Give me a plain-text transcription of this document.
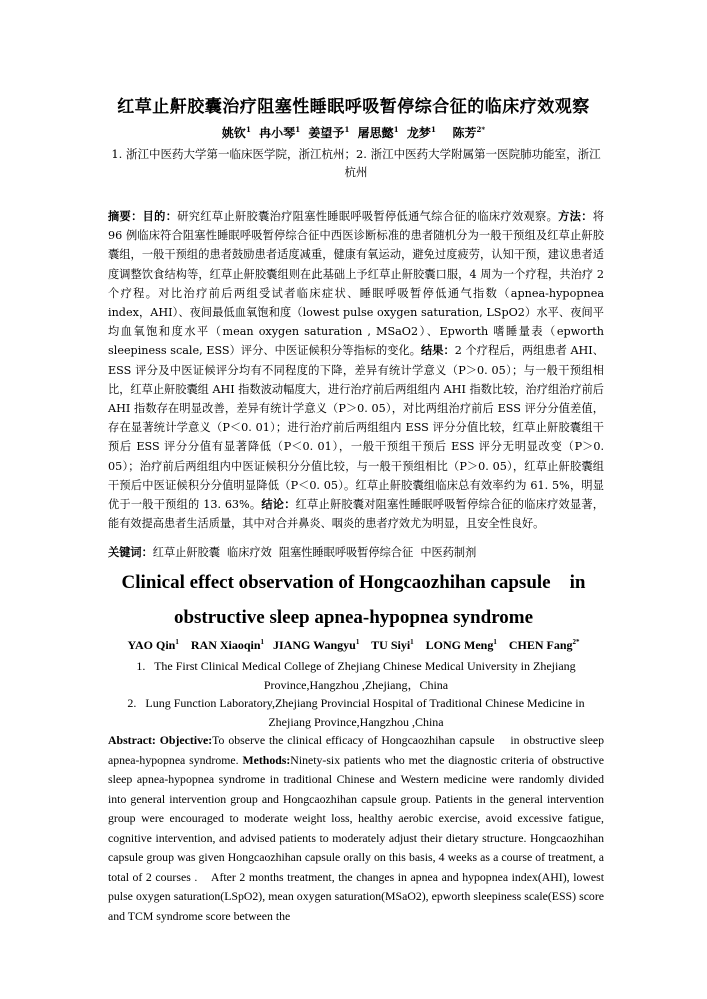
红草止鼾胶囊治疗阻塞性睡眠呼吸暂停综合征的临床疗效观察
姚钦$^1$ 冉小琴$^1$ 姜望予$^1$ 屠思懿$^1$ 龙梦$^1$ 陈芳$^{2*}$
1. 浙江中医药大学第一临床医学院，浙江杭州；2. 浙江中医药大学附属第一医院肺功能室，浙江杭州
摘要：目的：研究红草止鼾胶囊治疗阻塞性睡眠呼吸暂停低通气综合征的临床疗效观察。方法：将 96 例临床符合阻塞性睡眠呼吸暂停综合征中西医诊断标准的患者随机分为一般干预组及红草止鼾胶囊组，一般干预组的患者鼓励患者适度减重，健康有氧运动，避免过度疲劳，认知干预，建议患者适度调整饮食结构等，红草止鼾胶囊组则在此基础上予红草止鼾胶囊口服，4 周为一个疗程，共治疗 2 个疗程。对比治疗前后两组受试者临床症状、睡眠呼吸暂停低通气指数（apnea-hypopnea index，AHI）、夜间最低血氧饱和度（lowest pulse oxygen saturation, LSpO2）水平、夜间平均血氧饱和度水平（mean oxygen saturation , MSaO2）、Epworth 嗜睡量表（epworth sleepiness scale, ESS）评分、中医证候积分等指标的变化。结果：2 个疗程后，两组患者 AHI、ESS 评分及中医证候评分均有不同程度的下降，差异有统计学意义（P＞0. 05）；与一般干预组相比，红草止鼾胶囊组 AHI 指数波动幅度大，进行治疗前后两组组内 AHI 指数比较，治疗组治疗前后 AHI 指数存在明显改善，差异有统计学意义（P＞0. 05），对比两组治疗前后 ESS 评分分值差值，存在显著统计学意义（P＜0. 01）；进行治疗前后两组组内 ESS 评分分值比较，红草止鼾胶囊组干预后 ESS 评分分值有显著降低（P＜0. 01），一般干预组干预后 ESS 评分无明显改变（P＞0. 05）；治疗前后两组组内中医证候积分分值比较，与一般干预组相比（P＞0. 05），红草止鼾胶囊组干预后中医证候积分分值明显降低（P＜0. 05）。红草止鼾胶囊组临床总有效率约为 61. 5%，明显优于一般干预组的 13. 63%。结论：红草止鼾胶囊对阻塞性睡眠呼吸暂停综合征的临床疗效显著，能有效提高患者生活质量，其中对合并鼻炎、咽炎的患者疗效尤为明显，且安全性良好。
关键词：红草止鼾胶囊 临床疗效 阻塞性睡眠呼吸暂停综合征 中医药制剂
Clinical effect observation of Hongcaozhihan capsule    in
obstructive sleep apnea-hypopnea syndrome
YAO Qin$^1$ RAN Xiaoqin$^1$ JIANG Wangyu$^1$ TU Siyi$^1$ LONG Meng$^1$ CHEN Fang$^{2*}$
1.   The First Clinical Medical College of Zhejiang Chinese Medical University in Zhejiang Province,Hangzhou ,Zhejiang，China
2.   Lung Function Laboratory,Zhejiang Provincial Hospital of Traditional Chinese Medicine in Zhejiang Province,Hangzhou ,China
Abstract: Objective:To observe the clinical efficacy of Hongcaozhihan capsule    in obstructive sleep apnea-hypopnea syndrome. Methods:Ninety-six patients who met the diagnostic criteria of obstructive sleep apnea-hypopnea syndrome in traditional Chinese and Western medicine were randomly divided into general intervention group and Hongcaozhihan capsule group. Patients in the general intervention group were encouraged to moderate weight loss, healthy aerobic exercise, avoid excessive fatigue, cognitive intervention, and advised patients to moderately adjust their dietary structure. Hongcaozhihan capsule group was given Hongcaozhihan capsule orally on this basis, 4 weeks as a course of treatment, a total of 2 courses .    After 2 months treatment, the changes in apnea and hypopnea index(AHI), lowest pulse oxygen saturation(LSpO2), mean oxygen saturation(MSaO2), epworth sleepiness scale(ESS) score and TCM syndrome score between the
